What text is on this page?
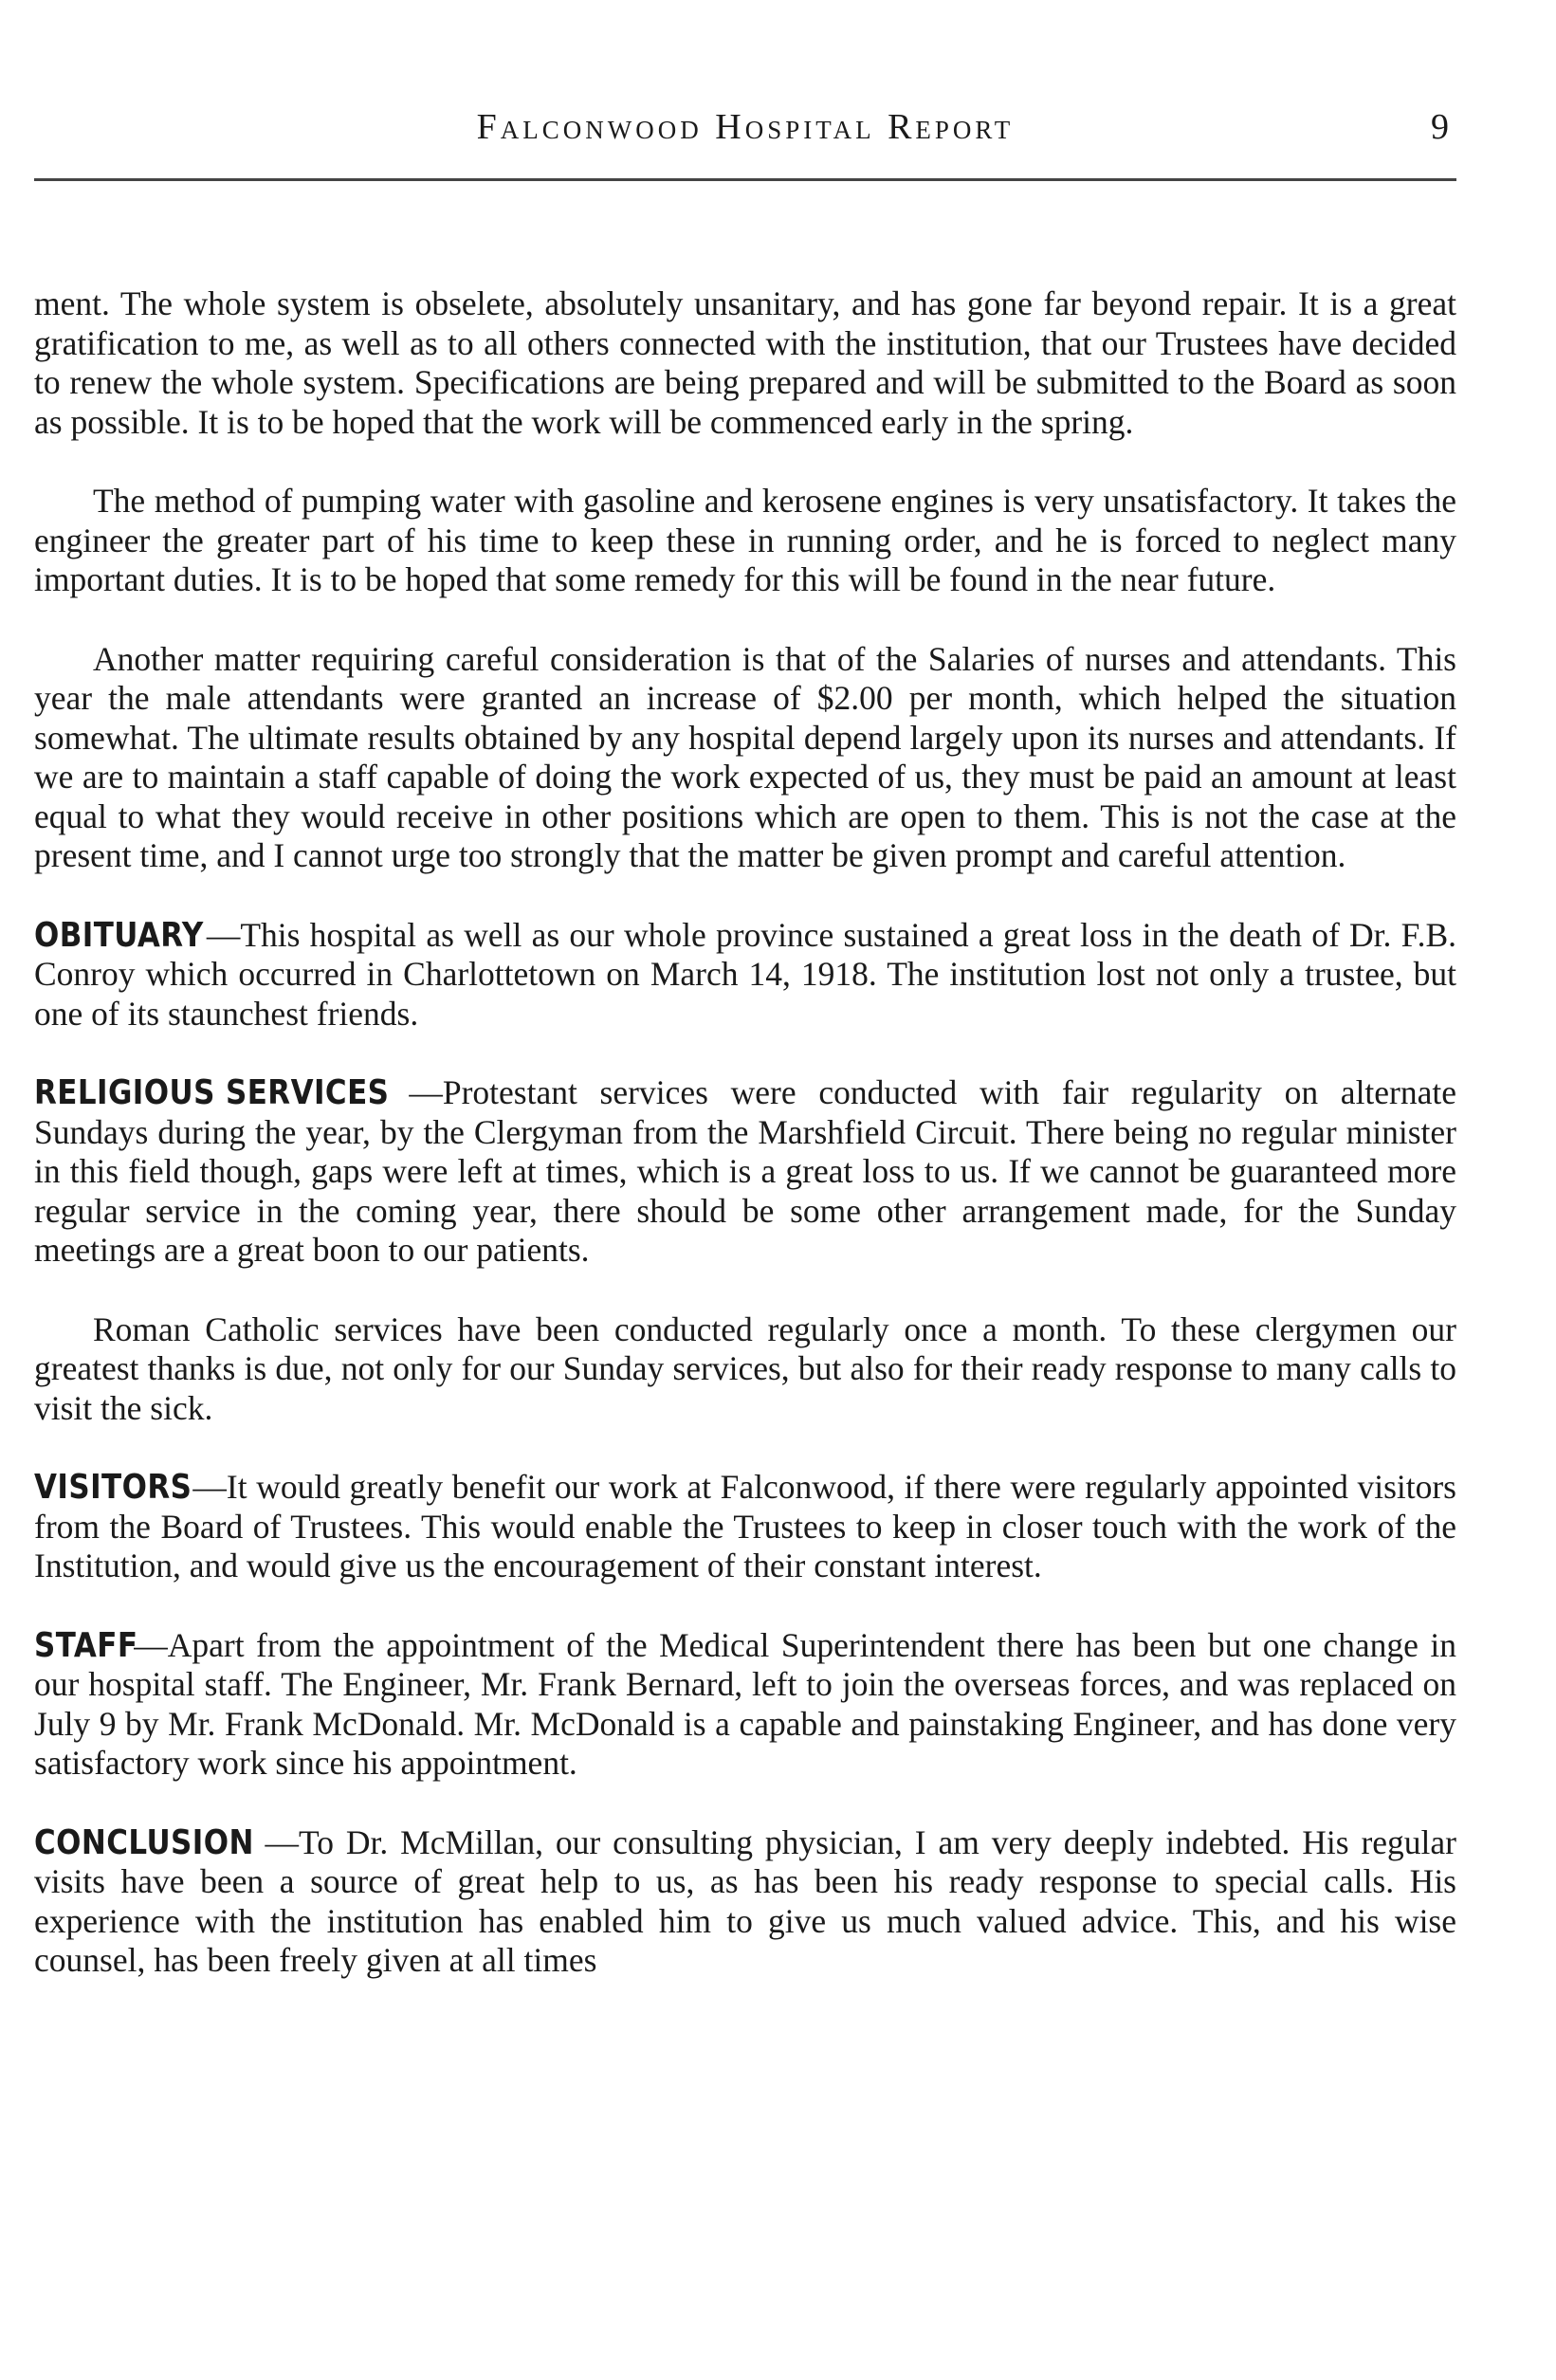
Falconwood Hospital Report	9

ment. The whole system is obselete, absolutely unsanitary, and has gone far beyond repair. It is a great gratification to me, as well as to all others connected with the institution, that our Trustees have decided to renew the whole system. Specifications are being prepared and will be submitted to the Board as soon as possible. It is to be hoped that the work will be commenced early in the spring.

The method of pumping water with gasoline and kerosene engines is very unsatisfactory. It takes the engineer the greater part of his time to keep these in running order, and he is forced to neglect many important duties. It is to be hoped that some remedy for this will be found in the near future.

Another matter requiring careful consideration is that of the Salaries of nurses and attendants. This year the male attendants were granted an increase of $2.00 per month, which helped the situation somewhat. The ultimate results obtained by any hospital depend largely upon its nurses and attendants. If we are to maintain a staff capable of doing the work expected of us, they must be paid an amount at least equal to what they would receive in other positions which are open to them. This is not the case at the present time, and I cannot urge too strongly that the matter be given prompt and careful attention.

OBITUARY—This hospital as well as our whole province sustained a great loss in the death of Dr. F.B. Conroy which occurred in Charlottetown on March 14, 1918. The institution lost not only a trustee, but one of its staunchest friends.

RELIGIOUS SERVICES —Protestant services were conducted with fair regularity on alternate Sundays during the year, by the Clergyman from the Marshfield Circuit. There being no regular minister in this field though, gaps were left at times, which is a great loss to us. If we cannot be guaranteed more regular service in the coming year, there should be some other arrangement made, for the Sunday meetings are a great boon to our patients.

Roman Catholic services have been conducted regularly once a month. To these clergymen our greatest thanks is due, not only for our Sunday services, but also for their ready response to many calls to visit the sick.

VISITORS—It would greatly benefit our work at Falconwood, if there were regularly appointed visitors from the Board of Trustees. This would enable the Trustees to keep in closer touch with the work of the Institution, and would give us the encouragement of their constant interest.

STAFF—Apart from the appointment of the Medical Superintendent there has been but one change in our hospital staff. The Engineer, Mr. Frank Bernard, left to join the overseas forces, and was replaced on July 9 by Mr. Frank McDonald. Mr. McDonald is a capable and painstaking Engineer, and has done very satisfactory work since his appointment.

CONCLUSION —To Dr. McMillan, our consulting physician, I am very deeply indebted. His regular visits have been a source of great help to us, as has been his ready response to special calls. His experience with the institution has enabled him to give us much valued advice. This, and his wise counsel, has been freely given at all times
